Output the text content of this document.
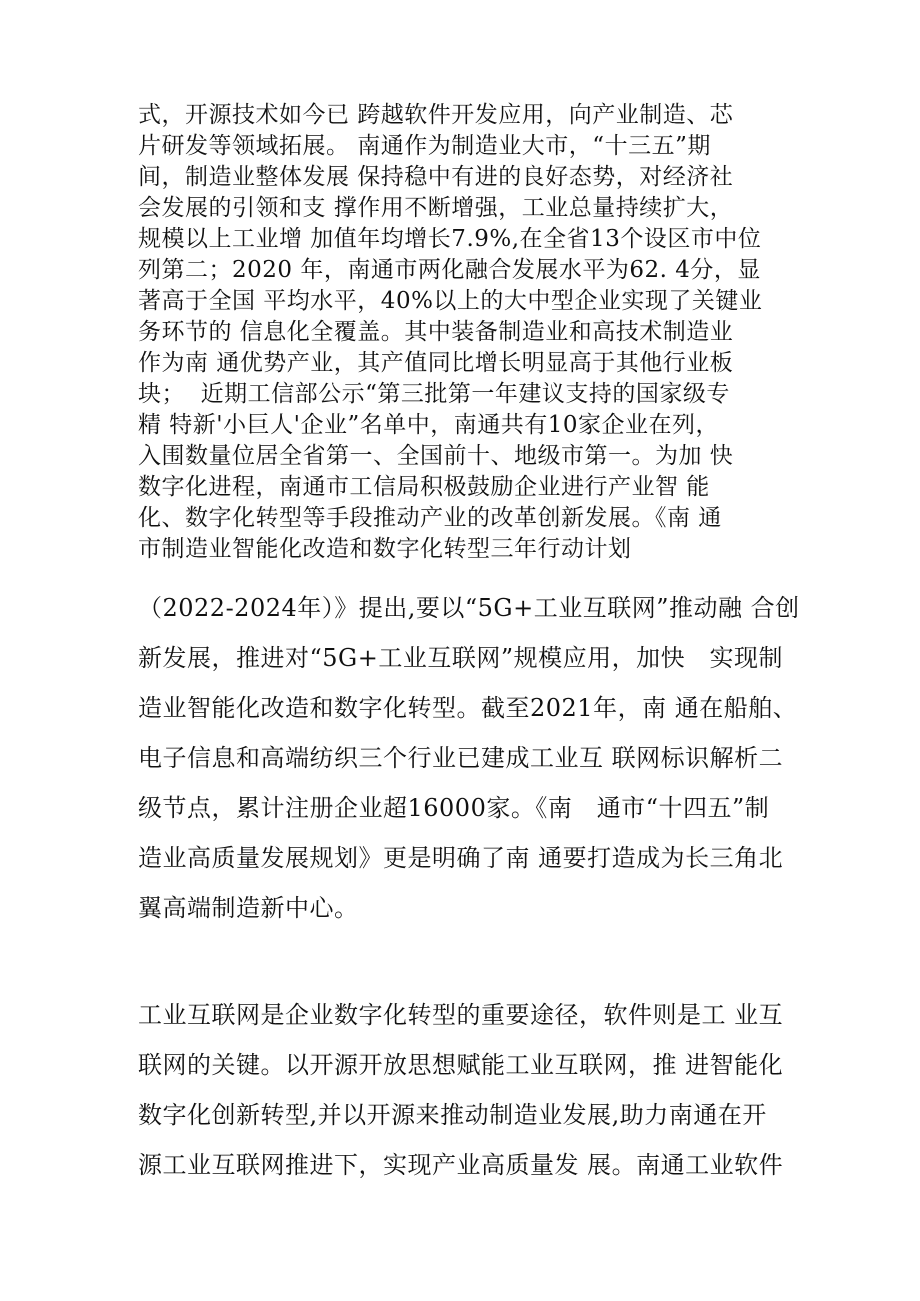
式，开源技术如今已 跨越软件开发应用，向产业制造、芯
片研发等领域拓展。 南通作为制造业大市，“十三五”期
间，制造业整体发展 保持稳中有进的良好态势，对经济社
会发展的引领和支 撑作用不断增强，工业总量持续扩大，
规模以上工业增 加值年均增长7.9%,在全省13个设区市中位
列第二；2020 年，南通市两化融合发展水平为62. 4分，显
著高于全国 平均水平，40%以上的大中型企业实现了关键业
务环节的 信息化全覆盖。其中装备制造业和高技术制造业
作为南 通优势产业，其产值同比增长明显高于其他行业板
块；  近期工信部公示“第三批第一年建议支持的国家级专
精 特新'小巨人'企业”名单中，南通共有10家企业在列，
入围数量位居全省第一、全国前十、地级市第一。为加 快
数字化进程，南通市工信局积极鼓励企业进行产业智 能
化、数字化转型等手段推动产业的改革创新发展。《南 通
市制造业智能化改造和数字化转型三年行动计划
（2022-2024年）》提出,要以“5G+工业互联网”推动融 合创
新发展，推进对“5G+工业互联网”规模应用，加快   实现制
造业智能化改造和数字化转型。截至2021年，南 通在船舶、
电子信息和高端纺织三个行业已建成工业互 联网标识解析二
级节点，累计注册企业超16000家。《南   通市“十四五”制
造业高质量发展规划》更是明确了南 通要打造成为长三角北
翼高端制造新中心。
工业互联网是企业数字化转型的重要途径，软件则是工 业互
联网的关键。以开源开放思想赋能工业互联网，推 进智能化
数字化创新转型,并以开源来推动制造业发展,助力南通在开
源工业互联网推进下，实现产业高质量发 展。南通工业软件
